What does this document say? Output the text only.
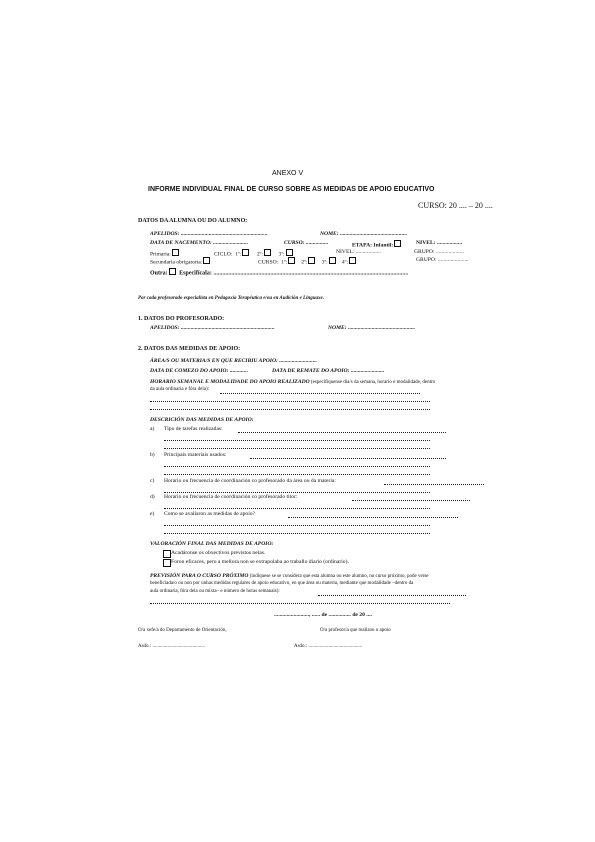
ANEXO V
INFORME INDIVIDUAL FINAL DE CURSO SOBRE AS MEDIDAS DE APOIO EDUCATIVO
CURSO: 20 .... – 20 ....
DATOS DA ALUMNA OU DO ALUMNO:
APELIDOS: ..............................................................	NOME: ................................................
DATA DE NACEMENTO: .........................	CURSO: ................	ETAPA: Infantil:	NIVEL: ..................
Primaria:	CICLO: 1º:	2º:	3º:	NIVEL: ..................	GRUPO: ....................
Secundaria obrigatoria:	CURSO: 1º:	2º:	3º:	4º:	GRUPO: ......................
Outra: Especifícala: ..................................................................................................................................
Por cada profesorado especialista en Pedagoxía Terapéutica e/ou en Audición e Linguaxe.
1. DATOS DO PROFESORADO:
APELIDOS: ...................................................................	NOME: ................................................
2. DATOS DAS MEDIDAS DE APOIO:
ÁREA/S OU MATERIA/S EN QUE RECIBIU APOIO: ...........................
DATA DE COMEZO DO APOIO: .............	DATA DE REMATE DO APOIO: ........................
HORARIO SEMANAL E MODALIDADE DO APOIO REALIZADO (especifíquense día/s da semana, horario e modalidade, dentro
da aula ordinaria e fóra dela):
DESCRICIÓN DAS MEDIDAS DE APOIO:
a) Tipo de tarefas realizadas:
b) Principais materiais usados:
c) Horario ou frecuencia de coordinación co profesorado da área ou da materia:
d) Horario ou frecuencia de coordinación co profesorado titor:
e) Como se avaliaron as medidas de apoio?
VALORACIÓN FINAL DAS MEDIDAS DE APOIO:
Acadáronse os obxectivos previstos nelas.
Foron eficaces, pero a mellora non se extrapolaba ao traballo diario (ordinario).
PREVISIÓN PARA O CURSO PRÓXIMO (indíquese se se considera que esta alumna ou este alumno, no curso próximo, pode verse
beneficiada/o ou non por unhas medidas regulares de apoio educativo, en que área ou materia, mediante que modalidade –dentro da
aula ordinaria, fóra dela ou mixta– e número de horas semanais):
........................., ...... de ................ de 20 ....
O/a xefe/a do Departamento de Orientación,	O/a profesor/a que realizou o apoio
Asdo.: ..........................................	Asdo.: ...........................................
